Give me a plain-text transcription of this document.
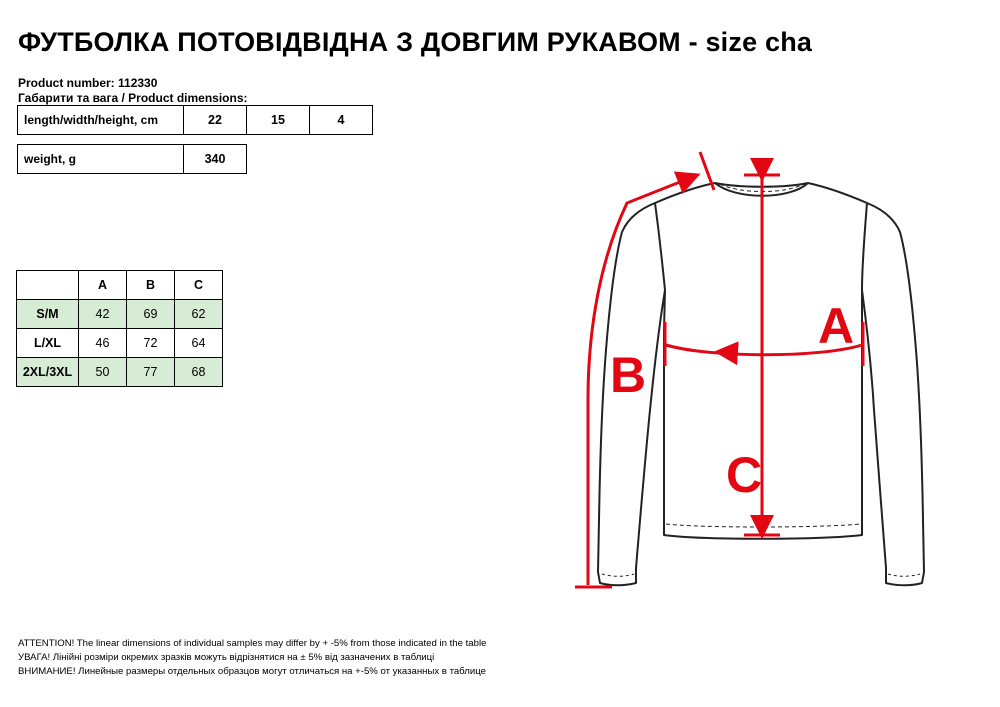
ФУТБОЛКА ПОТОВІДВІДНА З ДОВГИМ РУКАВОМ - size cha
Product number: 112330
Габарити та вага / Product dimensions:
length/width/height, cm	22	15	4
weight, g	340
	A	B	C
S/M	42	69	62
L/XL	46	72	64
2XL/3XL	50	77	68
A
B
C
ATTENTION! The linear dimensions of individual samples may differ by + -5% from those indicated in the table
УВАГА! Лінійні розміри окремих зразків можуть відрізнятися на ± 5% від зазначених в таблиці
ВНИМАНИЕ! Линейные размеры отдельных образцов могут отличаться на +-5% от указанных в таблице
